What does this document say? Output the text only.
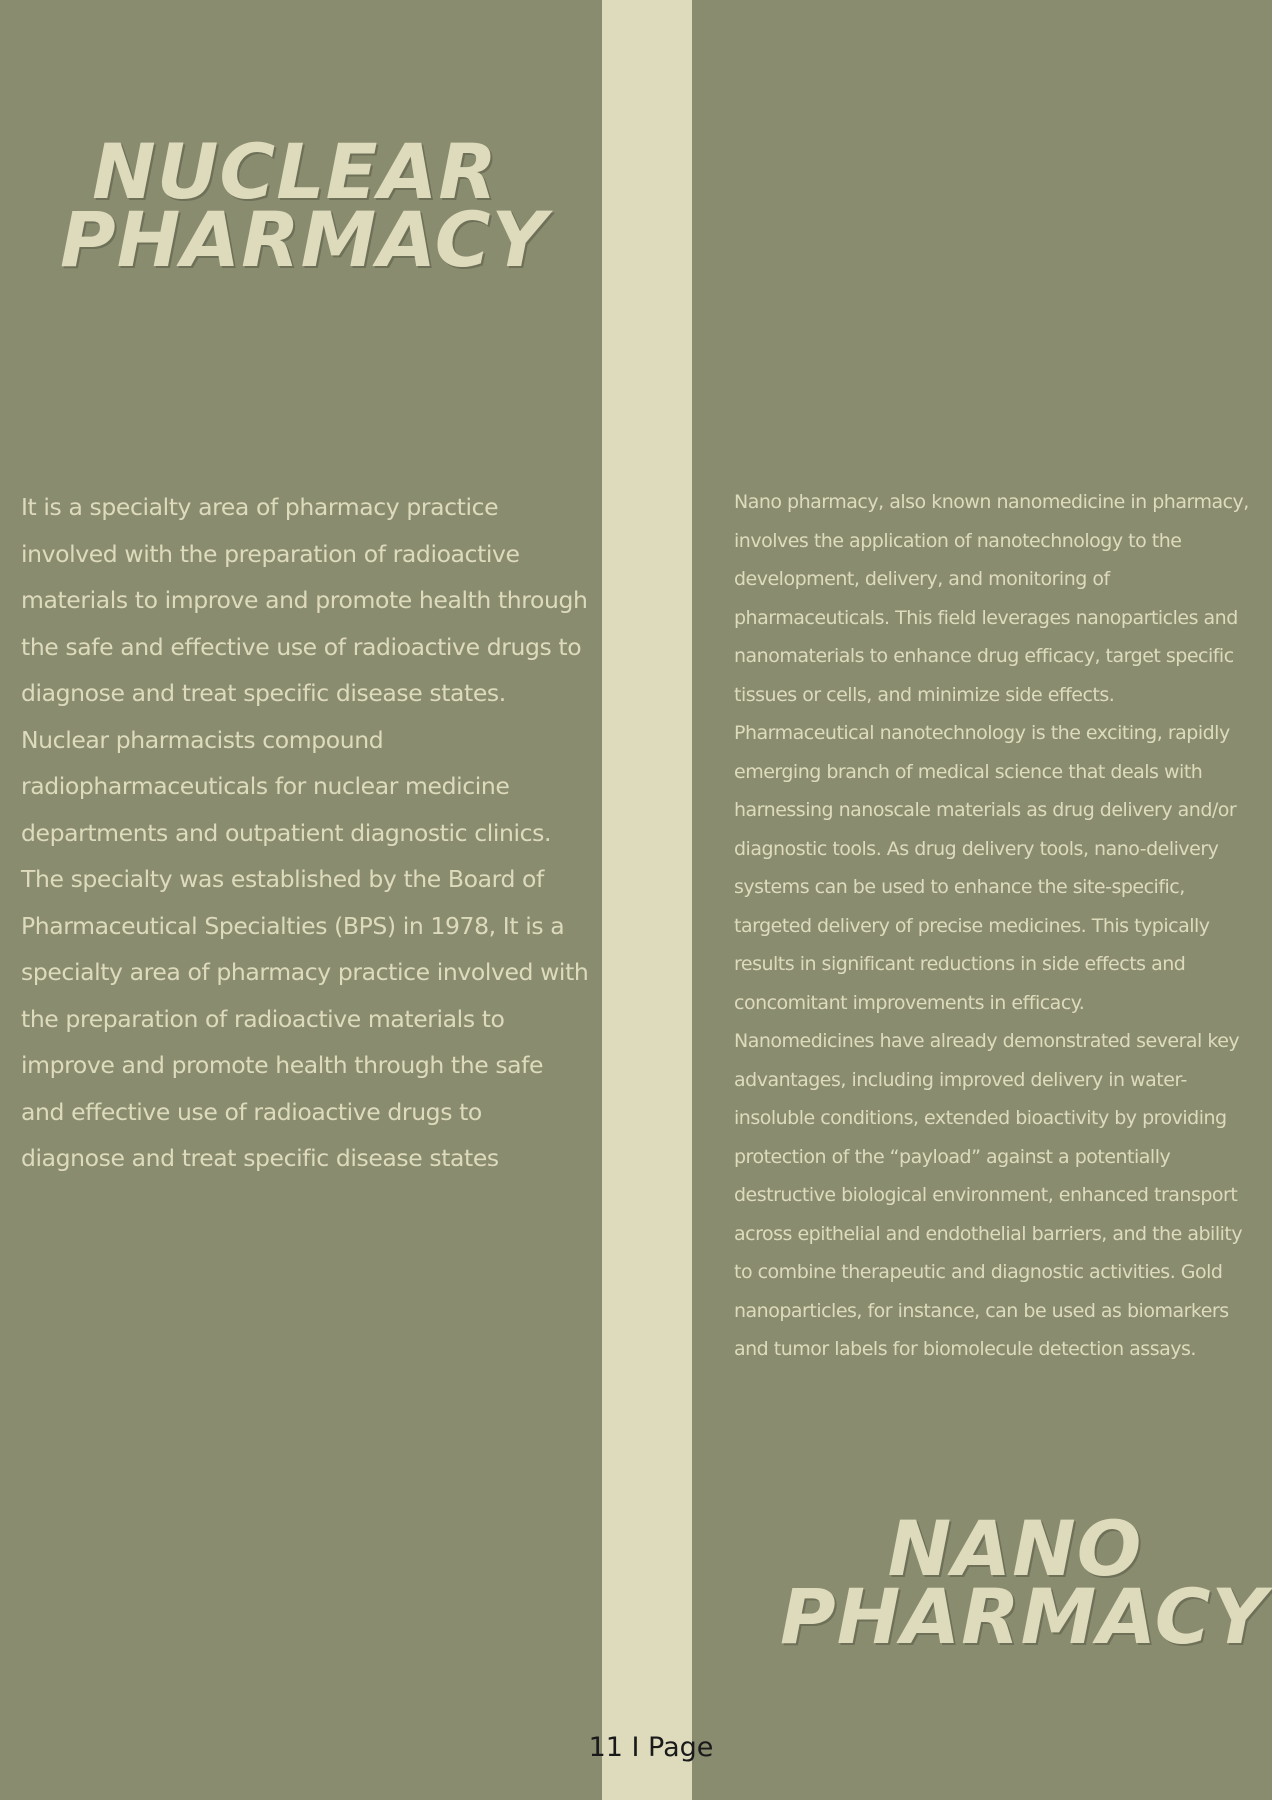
NUCLEAR
PHARMACY

It is a specialty area of pharmacy practice involved with the preparation of radioactive materials to improve and promote health through the safe and effective use of radioactive drugs to diagnose and treat specific disease states.

Nuclear pharmacists compound radiopharmaceuticals for nuclear medicine departments and outpatient diagnostic clinics.

The specialty was established by the Board of Pharmaceutical Specialties (BPS) in 1978, It is a specialty area of pharmacy practice involved with the preparation of radioactive materials to improve and promote health through the safe and effective use of radioactive drugs to diagnose and treat specific disease states

Nano pharmacy, also known nanomedicine in pharmacy, involves the application of nanotechnology to the development, delivery, and monitoring of pharmaceuticals. This field leverages nanoparticles and nanomaterials to enhance drug efficacy, target specific tissues or cells, and minimize side effects.

Pharmaceutical nanotechnology is the exciting, rapidly emerging branch of medical science that deals with harnessing nanoscale materials as drug delivery and/or diagnostic tools. As drug delivery tools, nano-delivery systems can be used to enhance the site-specific, targeted delivery of precise medicines. This typically results in significant reductions in side effects and concomitant improvements in efficacy.

Nanomedicines have already demonstrated several key advantages, including improved delivery in water-insoluble conditions, extended bioactivity by providing protection of the “payload” against a potentially destructive biological environment, enhanced transport across epithelial and endothelial barriers, and the ability to combine therapeutic and diagnostic activities. Gold nanoparticles, for instance, can be used as biomarkers and tumor labels for biomolecule detection assays.

NANO
PHARMACY
11 I Page
